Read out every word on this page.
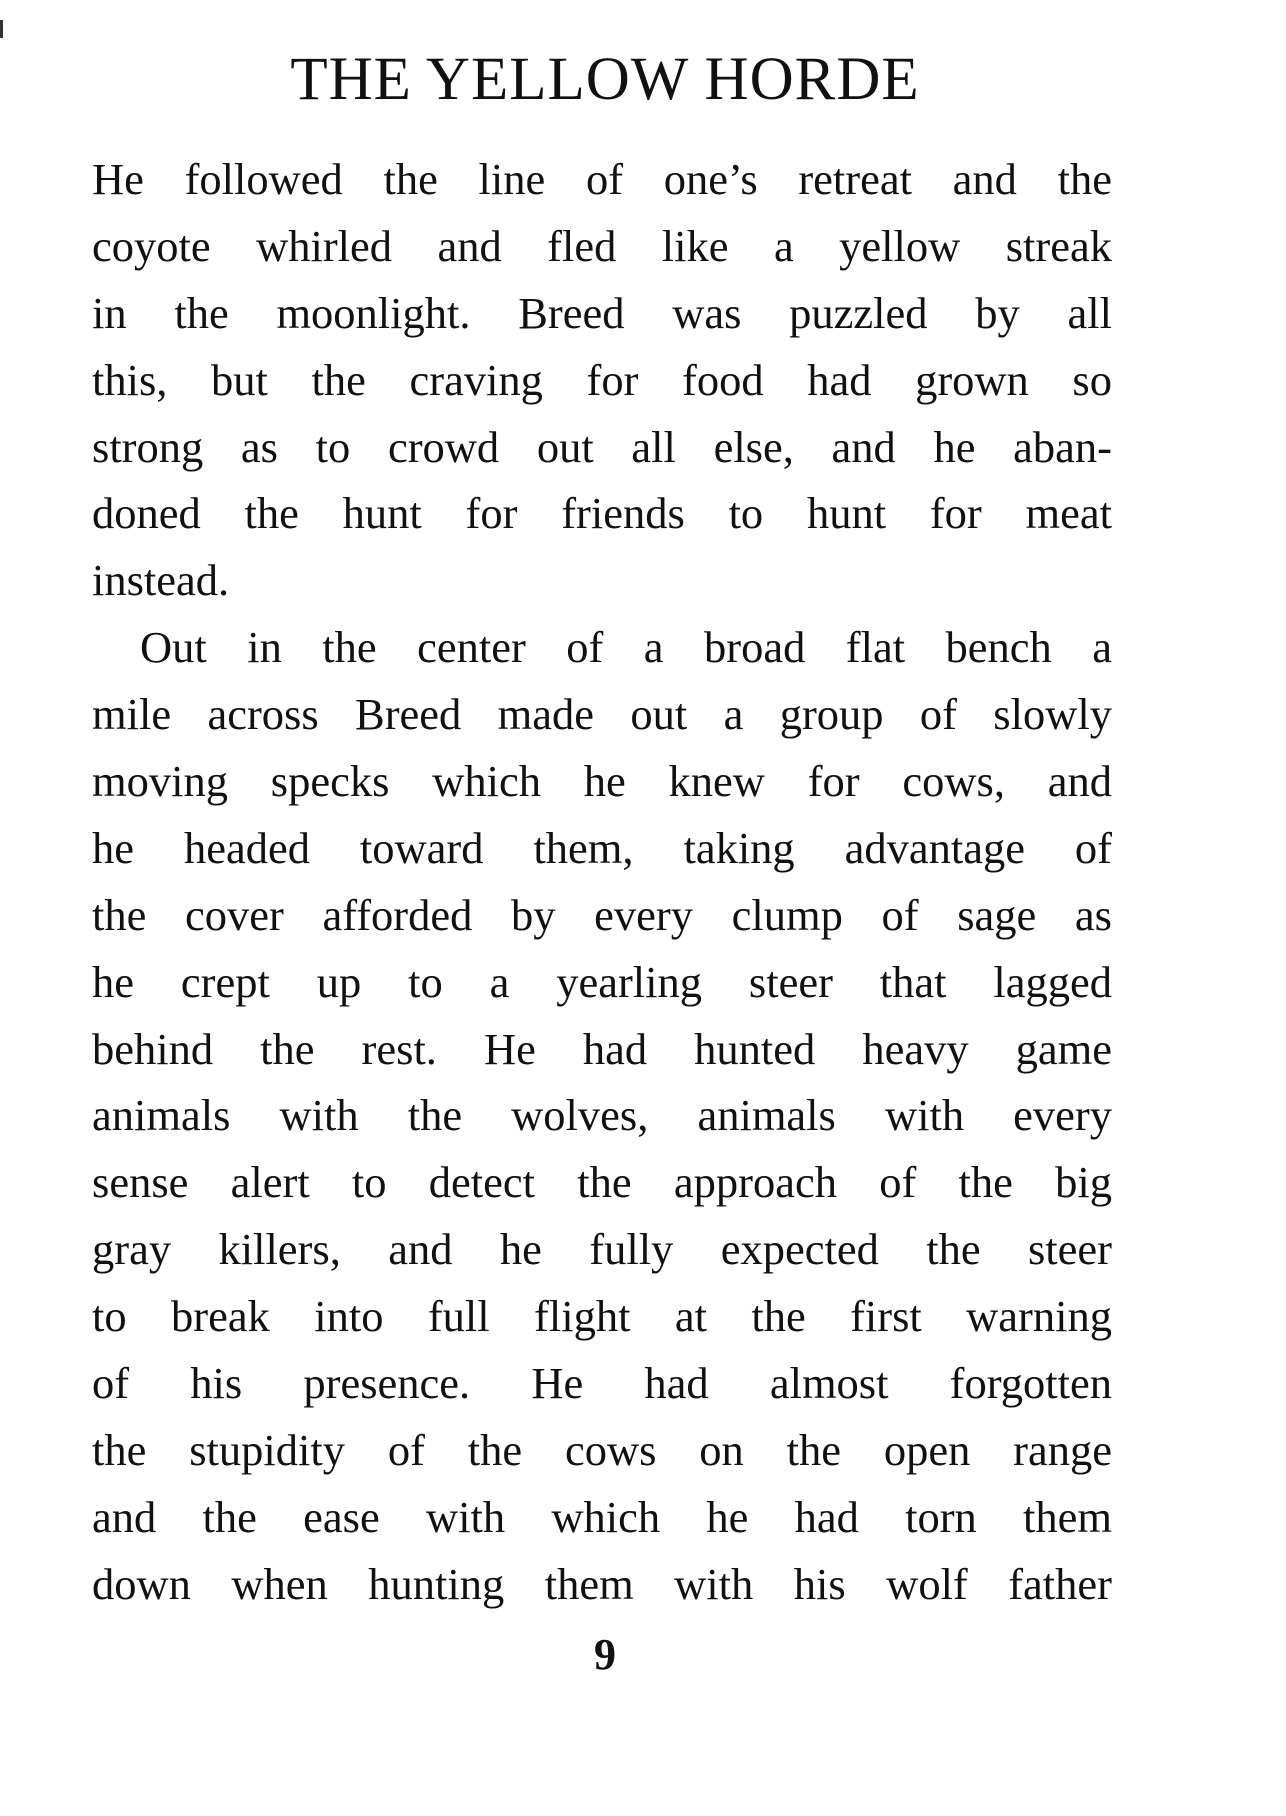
THE YELLOW HORDE
He followed the line of one’s retreat and the
coyote whirled and fled like a yellow streak
in the moonlight. Breed was puzzled by all
this, but the craving for food had grown so
strong as to crowd out all else, and he aban-
doned the hunt for friends to hunt for meat
instead.
Out in the center of a broad flat bench a
mile across Breed made out a group of slowly
moving specks which he knew for cows, and
he headed toward them, taking advantage of
the cover afforded by every clump of sage as
he crept up to a yearling steer that lagged
behind the rest. He had hunted heavy game
animals with the wolves, animals with every
sense alert to detect the approach of the big
gray killers, and he fully expected the steer
to break into full flight at the first warning
of his presence. He had almost forgotten
the stupidity of the cows on the open range
and the ease with which he had torn them
down when hunting them with his wolf father
9
